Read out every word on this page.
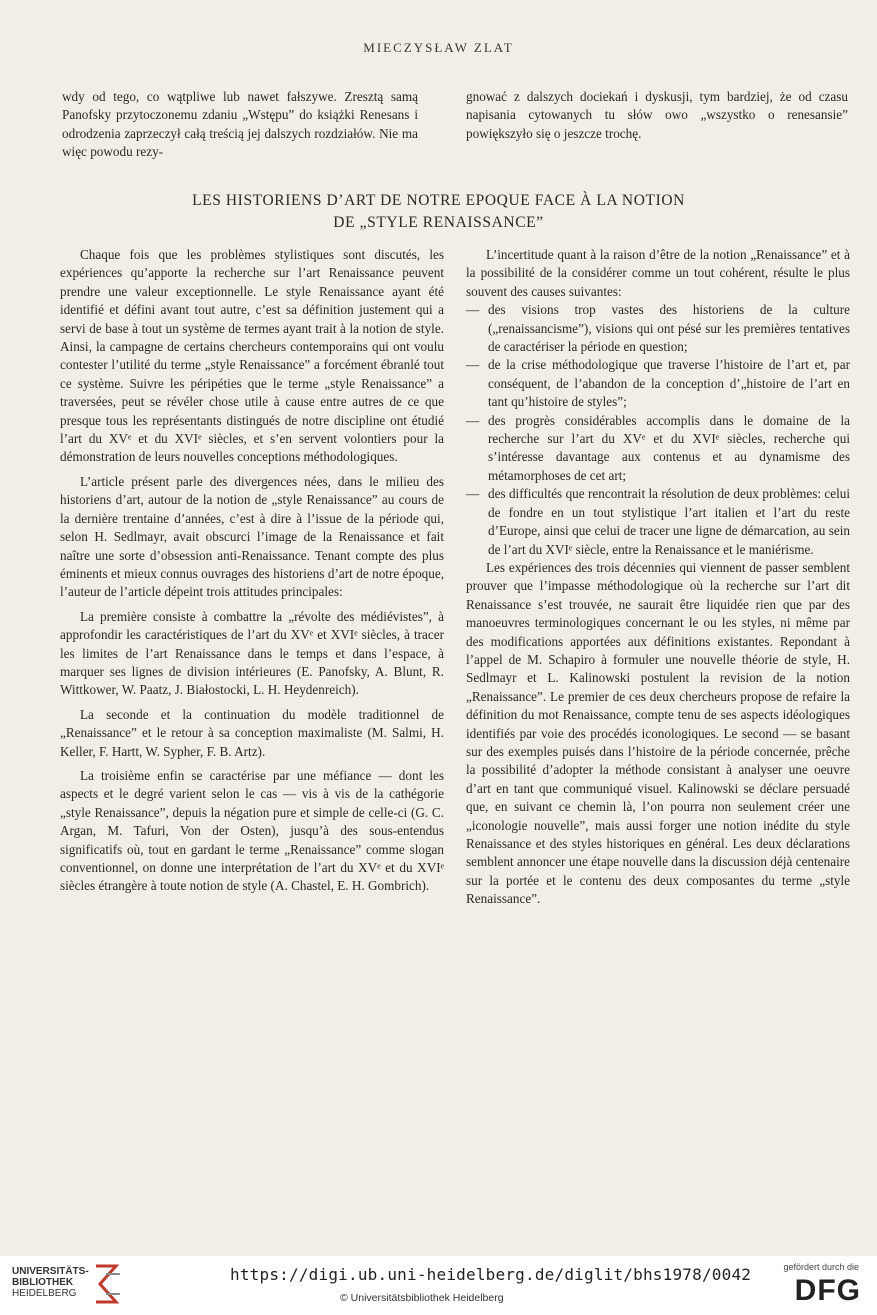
MIECZYSŁAW ZLAT

wdy od tego, co wątpliwe lub nawet fałszywe. Zresztą samą Panofsky przytoczonemu zdaniu „Wstępu” do książki Renesans i odrodzenia zaprzeczył całą treścią jej dalszych rozdziałów. Nie ma więc powodu rezy-

gnować z dalszych dociekań i dyskusji, tym bardziej, że od czasu napisania cytowanych tu słów owo „wszystko o renesansie” powiększyło się o jeszcze trochę.

LES HISTORIENS D’ART DE NOTRE EPOQUE FACE À LA NOTION
DE „STYLE RENAISSANCE”

Chaque fois que les problèmes stylistiques sont discutés, les expériences qu’apporte la recherche sur l’art Renaissance peuvent prendre une valeur exceptionnelle. Le style Renaissance ayant été identifié et défini avant tout autre, c’est sa définition justement qui a servi de base à tout un système de termes ayant trait à la notion de style. Ainsi, la campagne de certains chercheurs contemporains qui ont voulu contester l’utilité du terme „style Renaissance” a forcément ébranlé tout ce système. Suivre les péripéties que le terme „style Renaissance” a traversées, peut se révéler chose utile à cause entre autres de ce que presque tous les représentants distingués de notre discipline ont étudié l’art du XVᵉ et du XVIᵉ siècles, et s’en servent volontiers pour la démonstration de leurs nouvelles conceptions méthodologiques.

L’article présent parle des divergences nées, dans le milieu des historiens d’art, autour de la notion de „style Renaissance” au cours de la dernière trentaine d’années, c’est à dire à l’issue de la période qui, selon H. Sedlmayr, avait obscurci l’image de la Renaissance et fait naître une sorte d’obsession anti-Renaissance. Tenant compte des plus éminents et mieux connus ouvrages des historiens d’art de notre époque, l’auteur de l’article dépeint trois attitudes principales:

La première consiste à combattre la „révolte des médiévistes”, à approfondir les caractéristiques de l’art du XVᵉ et XVIᵉ siècles, à tracer les limites de l’art Renaissance dans le temps et dans l’espace, à marquer ses lignes de division intérieures (E. Panofsky, A. Blunt, R. Wittkower, W. Paatz, J. Białostocki, L. H. Heydenreich).

La seconde et la continuation du modèle traditionnel de „Renaissance” et le retour à sa conception maximaliste (M. Salmi, H. Keller, F. Hartt, W. Sypher, F. B. Artz).

La troisième enfin se caractérise par une méfiance — dont les aspects et le degré varient selon le cas — vis à vis de la cathégorie „style Renaissance”, depuis la négation pure et simple de celle-ci (G. C. Argan, M. Tafuri, Von der Osten), jusqu’à des sous-entendus significatifs où, tout en gardant le terme „Renaissance” comme slogan conventionnel, on donne une interprétation de l’art du XVᵉ et du XVIᵉ siècles étrangère à toute notion de style (A. Chastel, E. H. Gombrich).

L’incertitude quant à la raison d’être de la notion „Renaissance” et à la possibilité de la considérer comme un tout cohérent, résulte le plus souvent des causes suivantes:

— des visions trop vastes des historiens de la culture („renaissancisme”), visions qui ont pésé sur les premières tentatives de caractériser la période en question;
— de la crise méthodologique que traverse l’histoire de l’art et, par conséquent, de l’abandon de la conception d’„histoire de l’art en tant qu’histoire de styles”;
— des progrès considérables accomplis dans le domaine de la recherche sur l’art du XVᵉ et du XVIᵉ siècles, recherche qui s’intéresse davantage aux contenus et au dynamisme des métamorphoses de cet art;
— des difficultés que rencontrait la résolution de deux problèmes: celui de fondre en un tout stylistique l’art italien et l’art du reste d’Europe, ainsi que celui de tracer une ligne de démarcation, au sein de l’art du XVIᵉ siècle, entre la Renaissance et le maniérisme.

Les expériences des trois décennies qui viennent de passer semblent prouver que l’impasse méthodologique où la recherche sur l’art dit Renaissance s’est trouvée, ne saurait être liquidée rien que par des manoeuvres terminologiques concernant le ou les styles, ni même par des modifications apportées aux définitions existantes. Repondant à l’appel de M. Schapiro à formuler une nouvelle théorie de style, H. Sedlmayr et L. Kalinowski postulent la revision de la notion „Renaissance”. Le premier de ces deux chercheurs propose de refaire la définition du mot Renaissance, compte tenu de ses aspects idéologiques identifiés par voie des procédés iconologiques. Le second — se basant sur des exemples puisés dans l’histoire de la période concernée, prêche la possibilité d’adopter la méthode consistant à analyser une oeuvre d’art en tant que communiqué visuel. Kalinowski se déclare persuadé que, en suivant ce chemin là, l’on pourra non seulement créer une „iconologie nouvelle”, mais aussi forger une notion inédite du style Renaissance et des styles historiques en général. Les deux déclarations semblent annoncer une étape nouvelle dans la discussion déjà centenaire sur la portée et le contenu des deux composantes du terme „style Renaissance”.

UNIVERSITÄTS-
BIBLIOTHEK
HEIDELBERG
https://digi.ub.uni-heidelberg.de/diglit/bhs1978/0042
© Universitätsbibliothek Heidelberg
gefördert durch die
DFG
